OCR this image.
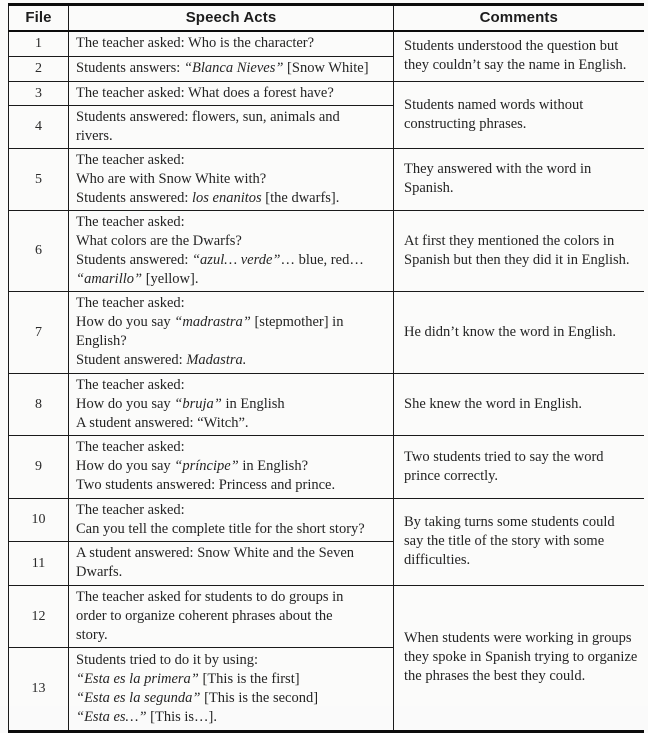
File	Speech Acts	Comments
1	The teacher asked: Who is the character?	Students understood the question but they couldn’t say the name in English.
2	Students answers: “Blanca Nieves” [Snow White]	

3	The teacher asked: What does a forest have?	Students named words without constructing phrases.
4	Students answered: flowers, sun, animals and
rivers.	

5	The teacher asked:
Who are with Snow White with?
Students answered: los enanitos [the dwarfs].	They answered with the word in Spanish.
6	The teacher asked:
What colors are the Dwarfs?
Students answered: “azul… verde”… blue, red…
“amarillo” [yellow].	At first they mentioned the colors in Spanish but then they did it in English.
7	The teacher asked:
How do you say “madrastra” [stepmother] in
English?
Student answered: Madastra.	He didn’t know the word in English.
8	The teacher asked:
How do you say “bruja” in English
A student answered: “Witch”.	She knew the word in English.
9	The teacher asked:
How do you say “príncipe” in English?
Two students answered: Princess and prince.	Two students tried to say the word prince correctly.
10	The teacher asked:
Can you tell the complete title for the short story?	By taking turns some students could say the title of the story with some difficulties.
11	A student answered: Snow White and the Seven
Dwarfs.	

12	The teacher asked for students to do groups in
order to organize coherent phrases about the
story.	When students were working in groups they spoke in Spanish trying to organize the phrases the best they could.
13	Students tried to do it by using:
“Esta es la primera” [This is the first]
“Esta es la segunda” [This is the second]
“Esta es…” [This is…].	
